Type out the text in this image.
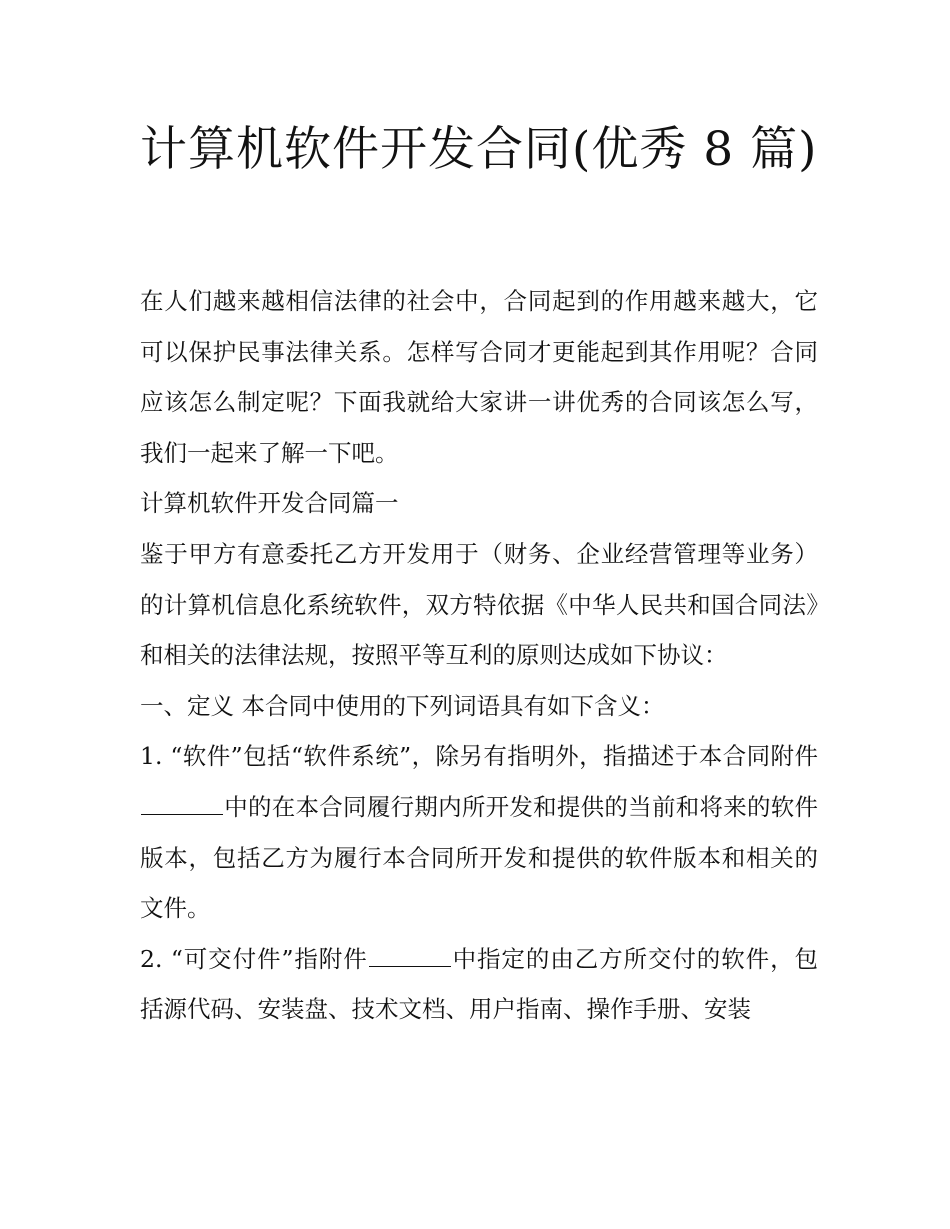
计算机软件开发合同(优秀 8 篇)

在人们越来越相信法律的社会中，合同起到的作用越来越大，它可以保护民事法律关系。怎样写合同才更能起到其作用呢？合同应该怎么制定呢？下面我就给大家讲一讲优秀的合同该怎么写，我们一起来了解一下吧。

计算机软件开发合同篇一

鉴于甲方有意委托乙方开发用于（财务、企业经营管理等业务）的计算机信息化系统软件，双方特依据《中华人民共和国合同法》和相关的法律法规，按照平等互利的原则达成如下协议：

一、定义 本合同中使用的下列词语具有如下含义：

1. “软件”包括“软件系统”，除另有指明外，指描述于本合同附件中的在本合同履行期内所开发和提供的当前和将来的软件版本，包括乙方为履行本合同所开发和提供的软件版本和相关的文件。

2. “可交付件”指附件	中指定的由乙方所交付的软件，包括源代码、安装盘、技术文档、用户指南、操作手册、安装
